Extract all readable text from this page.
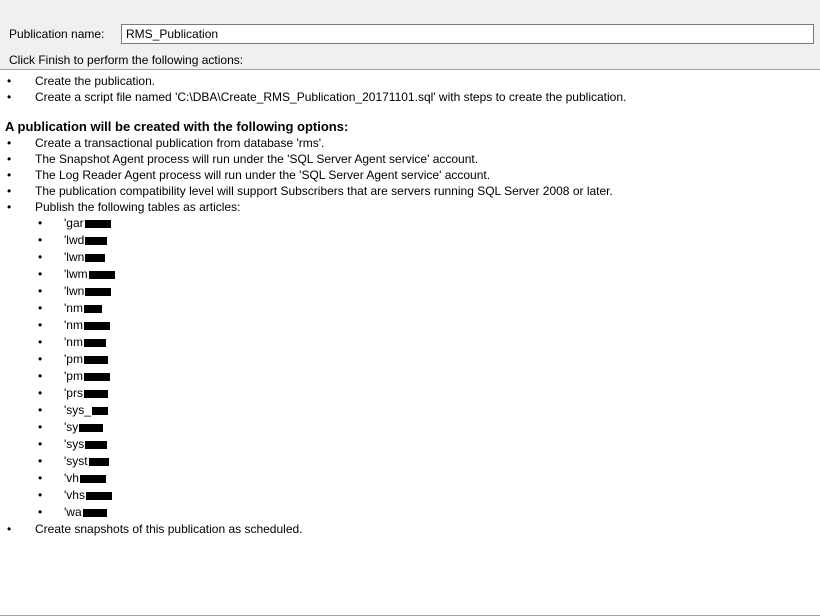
Publication name:
RMS_Publication
Click Finish to perform the following actions:
• Create the publication.
• Create a script file named 'C:\DBA\Create_RMS_Publication_20171101.sql' with steps to create the publication.
A publication will be created with the following options:
• Create a transactional publication from database 'rms'.
• The Snapshot Agent process will run under the 'SQL Server Agent service' account.
• The Log Reader Agent process will run under the 'SQL Server Agent service' account.
• The publication compatibility level will support Subscribers that are servers running SQL Server 2008 or later.
• Publish the following tables as articles:
• 'gar
• 'lwd
• 'lwn
• 'lwm
• 'lwn
• 'nm
• 'nm
• 'nm
• 'pm
• 'pm
• 'prs
• 'sys_
• 'sy
• 'sys
• 'syst
• 'vh
• 'vhs
• 'wa
• Create snapshots of this publication as scheduled.
